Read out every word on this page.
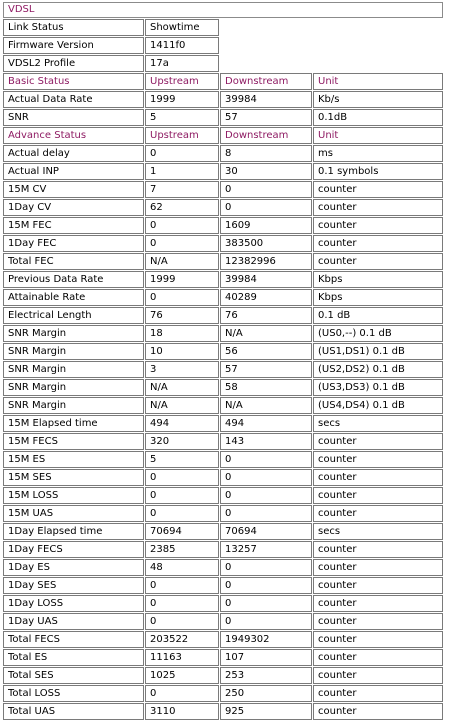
VDSL			
Link Status	Showtime		
Firmware Version	1411f0		
VDSL2 Profile	17a		
Basic Status	Upstream	Downstream	Unit
Actual Data Rate	1999	39984	Kb/s
SNR	5	57	0.1dB
Advance Status	Upstream	Downstream	Unit
Actual delay	0	8	ms
Actual INP	1	30	0.1 symbols
15M CV	7	0	counter
1Day CV	62	0	counter
15M FEC	0	1609	counter
1Day FEC	0	383500	counter
Total FEC	N/A	12382996	counter
Previous Data Rate	1999	39984	Kbps
Attainable Rate	0	40289	Kbps
Electrical Length	76	76	0.1 dB
SNR Margin	18	N/A	(US0,--) 0.1 dB
SNR Margin	10	56	(US1,DS1) 0.1 dB
SNR Margin	3	57	(US2,DS2) 0.1 dB
SNR Margin	N/A	58	(US3,DS3) 0.1 dB
SNR Margin	N/A	N/A	(US4,DS4) 0.1 dB
15M Elapsed time	494	494	secs
15M FECS	320	143	counter
15M ES	5	0	counter
15M SES	0	0	counter
15M LOSS	0	0	counter
15M UAS	0	0	counter
1Day Elapsed time	70694	70694	secs
1Day FECS	2385	13257	counter
1Day ES	48	0	counter
1Day SES	0	0	counter
1Day LOSS	0	0	counter
1Day UAS	0	0	counter
Total FECS	203522	1949302	counter
Total ES	11163	107	counter
Total SES	1025	253	counter
Total LOSS	0	250	counter
Total UAS	3110	925	counter
